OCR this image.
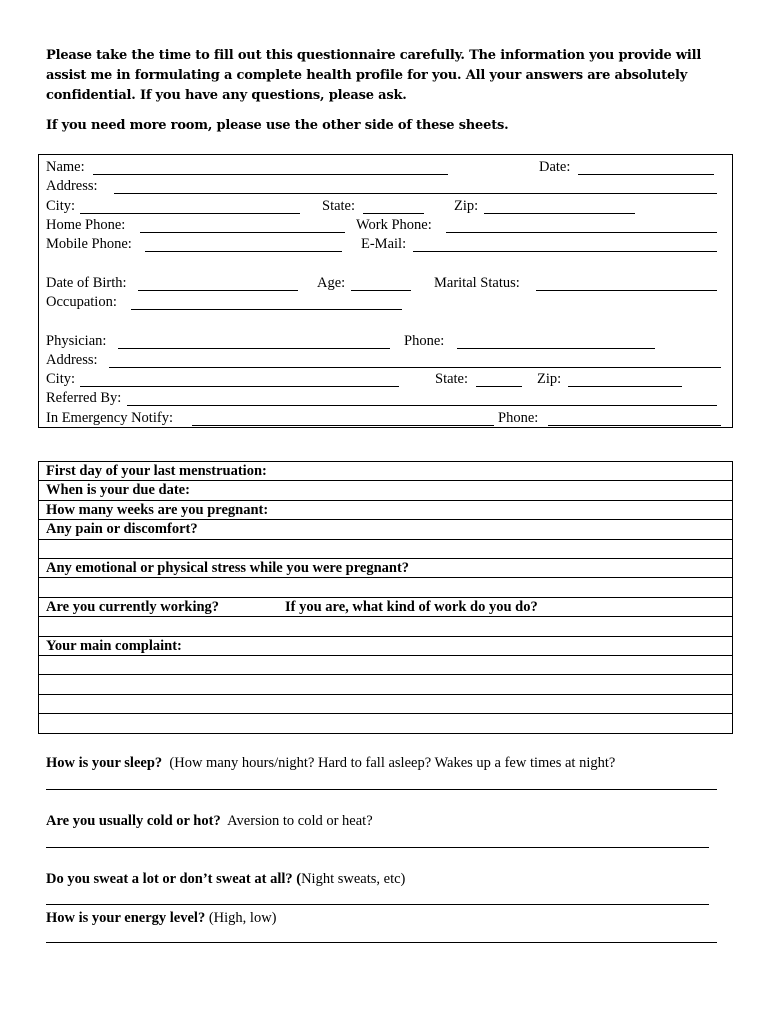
Please take the time to fill out this questionnaire carefully. The information you provide will assist me in formulating a complete health profile for you. All your answers are absolutely confidential. If you have any questions, please ask.
If you need more room, please use the other side of these sheets.
Name:	Date:
Address:
City:	State:	Zip:
Home Phone:	Work Phone:
Mobile Phone:	E-Mail:
Date of Birth:	Age:	Marital Status:
Occupation:
Physician:	Phone:
Address:
City:	State:	Zip:
Referred By:
In Emergency Notify:	Phone:
First day of your last menstruation:
When is your due date:
How many weeks are you pregnant:
Any pain or discomfort?
Any emotional or physical stress while you were pregnant?
Are you currently working?	If you are, what kind of work do you do?
Your main complaint:
How is your sleep? (How many hours/night? Hard to fall asleep? Wakes up a few times at night?
Are you usually cold or hot? Aversion to cold or heat?
Do you sweat a lot or don’t sweat at all? (Night sweats, etc)
How is your energy level? (High, low)
